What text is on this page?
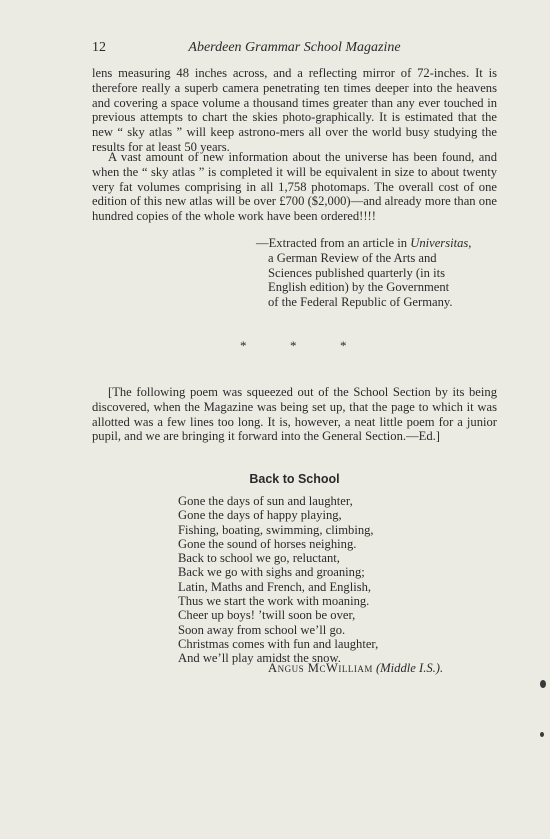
12	Aberdeen Grammar School Magazine

lens measuring 48 inches across, and a reflecting mirror of 72-inches. It is therefore really a superb camera penetrating ten times deeper into the heavens and covering a space volume a thousand times greater than any ever touched in previous attempts to chart the skies photo-graphically. It is estimated that the new “ sky atlas ” will keep astrono-mers all over the world busy studying the results for at least 50 years.

A vast amount of new information about the universe has been found, and when the “ sky atlas ” is completed it will be equivalent in size to about twenty very fat volumes comprising in all 1,758 photomaps. The overall cost of one edition of this new atlas will be over £700 ($2,000)—and already more than one hundred copies of the whole work have been ordered!!!!

—Extracted from an article in Universitas,
a German Review of the Arts and
Sciences published quarterly (in its
English edition) by the Government
of the Federal Republic of Germany.

*	*	*

[The following poem was squeezed out of the School Section by its being discovered, when the Magazine was being set up, that the page to which it was allotted was a few lines too long. It is, however, a neat little poem for a junior pupil, and we are bringing it forward into the General Section.—Ed.]

Back to School

Gone the days of sun and laughter,
Gone the days of happy playing,
Fishing, boating, swimming, climbing,
Gone the sound of horses neighing.
Back to school we go, reluctant,
Back we go with sighs and groaning;
Latin, Maths and French, and English,
Thus we start the work with moaning.
Cheer up boys! ’twill soon be over,
Soon away from school we’ll go.
Christmas comes with fun and laughter,
And we’ll play amidst the snow.

Angus McWilliam (Middle I.S.).
